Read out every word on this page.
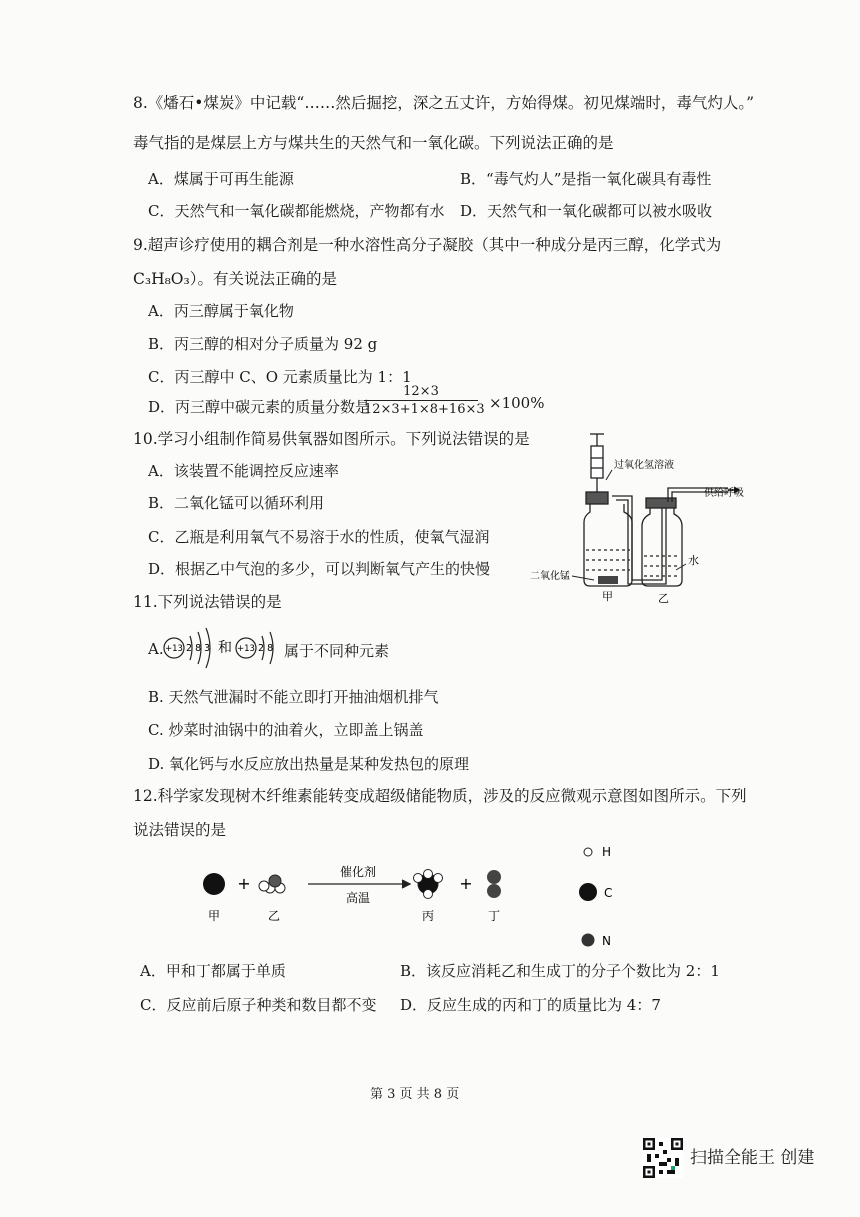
8.《燔石•煤炭》中记载“……然后掘挖，深之五丈许，方始得煤。初见煤端时，毒气灼人。”
毒气指的是煤层上方与煤共生的天然气和一氧化碳。下列说法正确的是
A．煤属于可再生能源	B．“毒气灼人”是指一氧化碳具有毒性
C．天然气和一氧化碳都能燃烧，产物都有水 D．天然气和一氧化碳都可以被水吸收
9.超声诊疗使用的耦合剂是一种水溶性高分子凝胶（其中一种成分是丙三醇，化学式为
C₃H₈O₃）。有关说法正确的是
A．丙三醇属于氧化物
B．丙三醇的相对分子质量为 92 g
C．丙三醇中 C、O 元素质量比为 1：1
D．丙三醇中碳元素的质量分数是
12×3
12×3+1×8+16×3 ×100%
10.学习小组制作简易供氧器如图所示。下列说法错误的是
A．该装置不能调控反应速率
B．二氧化锰可以循环利用
C．乙瓶是利用氧气不易溶于水的性质，使氧气湿润
D．根据乙中气泡的多少，可以判断氧气产生的快慢
过氧化氢溶液
供给呼吸
二氧化锰
水
甲	乙
11.下列说法错误的是
A. +13 2 8 3 和 +13 2 8 属于不同种元素
B. 天然气泄漏时不能立即打开抽油烟机排气
C. 炒菜时油锅中的油着火，立即盖上锅盖
D. 氧化钙与水反应放出热量是某种发热包的原理
12.科学家发现树木纤维素能转变成超级储能物质，涉及的反应微观示意图如图所示。下列
说法错误的是
+
催化剂
高温
+
甲	乙	丙	丁
H
C
N
A．甲和丁都属于单质	B．该反应消耗乙和生成丁的分子个数比为 2：1
C．反应前后原子种类和数目都不变 D．反应生成的丙和丁的质量比为 4：7
第 3 页 共 8 页
扫描全能王 创建
